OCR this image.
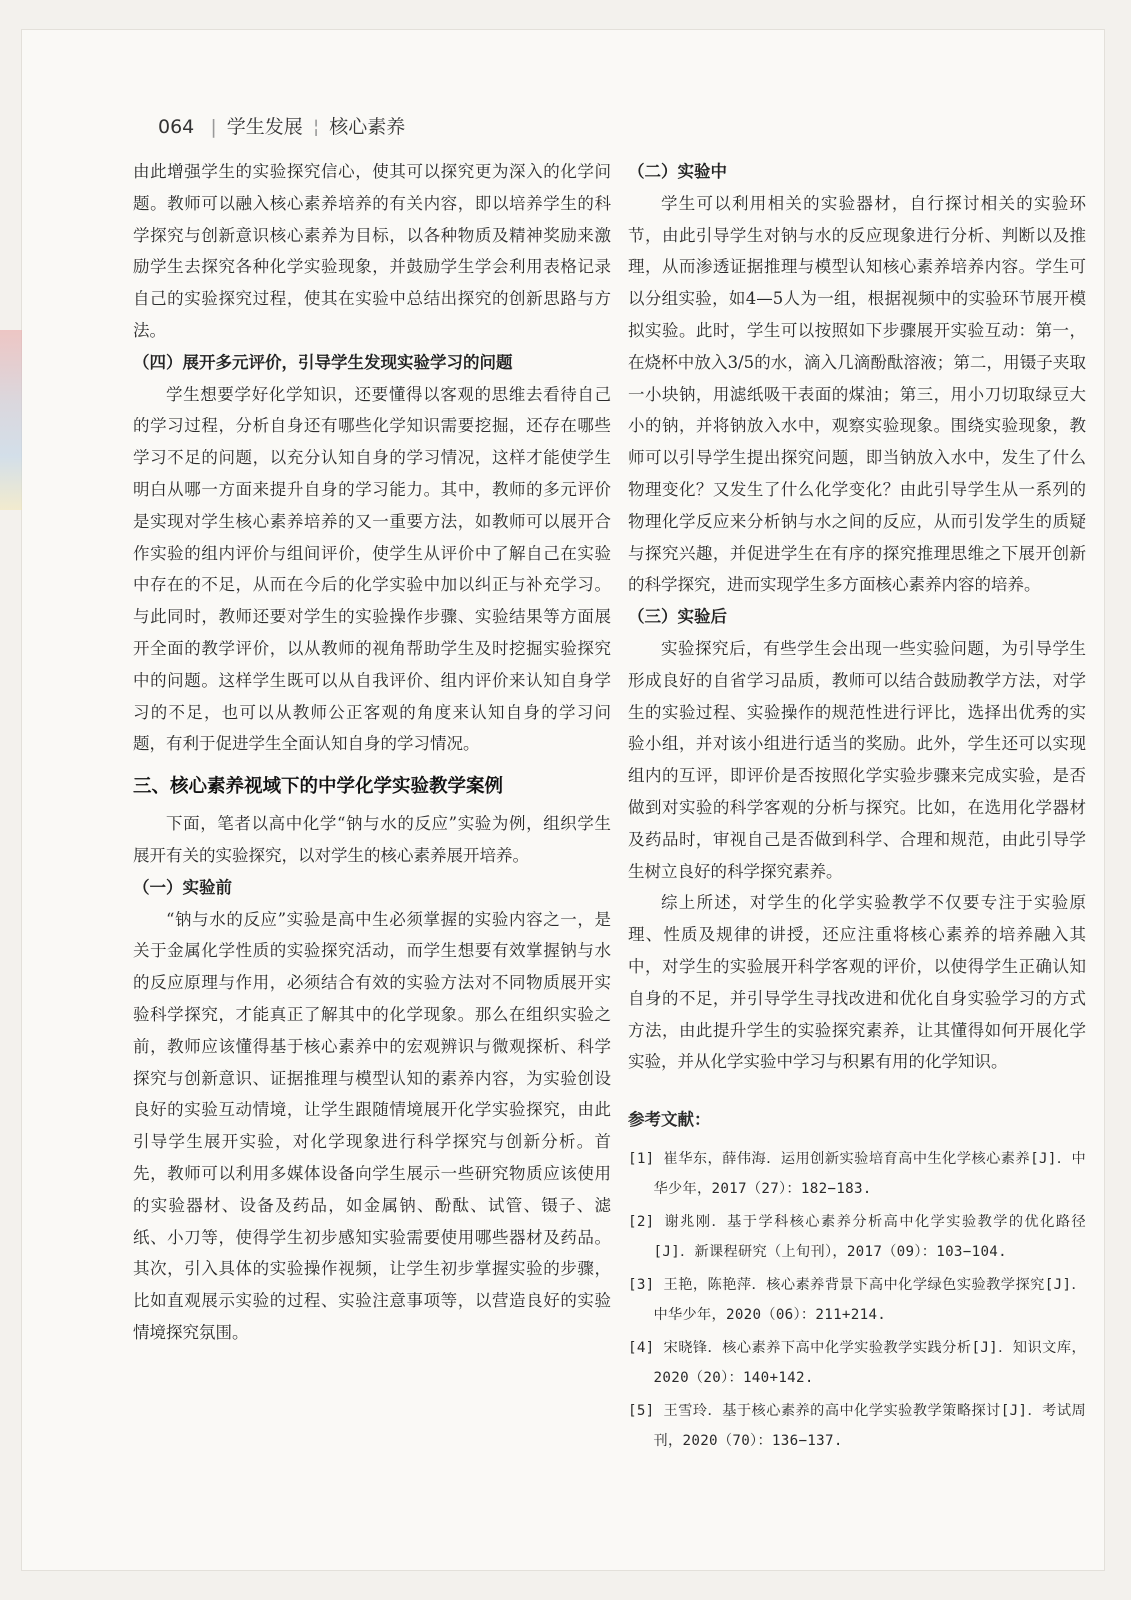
064 | 学生发展 ¦ 核心素养

由此增强学生的实验探究信心，使其可以探究更为深入的化学问题。教师可以融入核心素养培养的有关内容，即以培养学生的科学探究与创新意识核心素养为目标，以各种物质及精神奖励来激励学生去探究各种化学实验现象，并鼓励学生学会利用表格记录自己的实验探究过程，使其在实验中总结出探究的创新思路与方法。

（四）展开多元评价，引导学生发现实验学习的问题

学生想要学好化学知识，还要懂得以客观的思维去看待自己的学习过程，分析自身还有哪些化学知识需要挖掘，还存在哪些学习不足的问题，以充分认知自身的学习情况，这样才能使学生明白从哪一方面来提升自身的学习能力。其中，教师的多元评价是实现对学生核心素养培养的又一重要方法，如教师可以展开合作实验的组内评价与组间评价，使学生从评价中了解自己在实验中存在的不足，从而在今后的化学实验中加以纠正与补充学习。与此同时，教师还要对学生的实验操作步骤、实验结果等方面展开全面的教学评价，以从教师的视角帮助学生及时挖掘实验探究中的问题。这样学生既可以从自我评价、组内评价来认知自身学习的不足，也可以从教师公正客观的角度来认知自身的学习问题，有利于促进学生全面认知自身的学习情况。

三、核心素养视域下的中学化学实验教学案例

下面，笔者以高中化学“钠与水的反应”实验为例，组织学生展开有关的实验探究，以对学生的核心素养展开培养。

（一）实验前

“钠与水的反应”实验是高中生必须掌握的实验内容之一，是关于金属化学性质的实验探究活动，而学生想要有效掌握钠与水的反应原理与作用，必须结合有效的实验方法对不同物质展开实验科学探究，才能真正了解其中的化学现象。那么在组织实验之前，教师应该懂得基于核心素养中的宏观辨识与微观探析、科学探究与创新意识、证据推理与模型认知的素养内容，为实验创设良好的实验互动情境，让学生跟随情境展开化学实验探究，由此引导学生展开实验，对化学现象进行科学探究与创新分析。首先，教师可以利用多媒体设备向学生展示一些研究物质应该使用的实验器材、设备及药品，如金属钠、酚酞、试管、镊子、滤纸、小刀等，使得学生初步感知实验需要使用哪些器材及药品。其次，引入具体的实验操作视频，让学生初步掌握实验的步骤，比如直观展示实验的过程、实验注意事项等，以营造良好的实验情境探究氛围。

（二）实验中

学生可以利用相关的实验器材，自行探讨相关的实验环节，由此引导学生对钠与水的反应现象进行分析、判断以及推理，从而渗透证据推理与模型认知核心素养培养内容。学生可以分组实验，如4—5人为一组，根据视频中的实验环节展开模拟实验。此时，学生可以按照如下步骤展开实验互动：第一，在烧杯中放入3/5的水，滴入几滴酚酞溶液；第二，用镊子夹取一小块钠，用滤纸吸干表面的煤油；第三，用小刀切取绿豆大小的钠，并将钠放入水中，观察实验现象。围绕实验现象，教师可以引导学生提出探究问题，即当钠放入水中，发生了什么物理变化？又发生了什么化学变化？由此引导学生从一系列的物理化学反应来分析钠与水之间的反应，从而引发学生的质疑与探究兴趣，并促进学生在有序的探究推理思维之下展开创新的科学探究，进而实现学生多方面核心素养内容的培养。

（三）实验后

实验探究后，有些学生会出现一些实验问题，为引导学生形成良好的自省学习品质，教师可以结合鼓励教学方法，对学生的实验过程、实验操作的规范性进行评比，选择出优秀的实验小组，并对该小组进行适当的奖励。此外，学生还可以实现组内的互评，即评价是否按照化学实验步骤来完成实验，是否做到对实验的科学客观的分析与探究。比如，在选用化学器材及药品时，审视自己是否做到科学、合理和规范，由此引导学生树立良好的科学探究素养。

综上所述，对学生的化学实验教学不仅要专注于实验原理、性质及规律的讲授，还应注重将核心素养的培养融入其中，对学生的实验展开科学客观的评价，以使得学生正确认知自身的不足，并引导学生寻找改进和优化自身实验学习的方式方法，由此提升学生的实验探究素养，让其懂得如何开展化学实验，并从化学实验中学习与积累有用的化学知识。

参考文献：
[1] 崔华东，薛伟海．运用创新实验培育高中生化学核心素养[J]．中华少年，2017（27）：182−183.
[2] 谢兆刚．基于学科核心素养分析高中化学实验教学的优化路径[J]．新课程研究（上旬刊），2017（09）：103−104.
[3] 王艳，陈艳萍．核心素养背景下高中化学绿色实验教学探究[J]．中华少年，2020（06）：211+214.
[4] 宋晓锋．核心素养下高中化学实验教学实践分析[J]．知识文库，2020（20）：140+142.
[5] 王雪玲．基于核心素养的高中化学实验教学策略探讨[J]．考试周刊，2020（70）：136−137.
